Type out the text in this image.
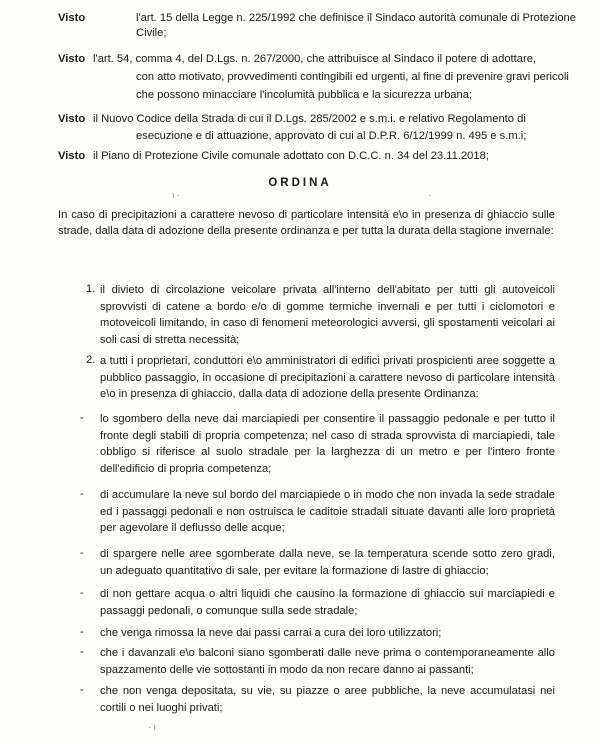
Visto	l'art. 15 della Legge n. 225/1992 che definisce il Sindaco autorità comunale di Protezione
Civile;
Visto l'art. 54, comma 4, del D.Lgs. n. 267/2000, che attribuisce al Sindaco il potere di adottare,
con atto motivato, provvedimenti contingibili ed urgenti, al fine di prevenire gravi pericoli
che possono minacciare l'incolumità pubblica e la sicurezza urbana;
Visto il Nuovo Codice della Strada di cui il D.Lgs. 285/2002 e s.m.i. e relativo Regolamento di
esecuzione e di attuazione, approvato di cui al D.P.R. 6/12/1999 n. 495 e s.m.i;
Visto il Piano di Protezione Civile comunale adottato con D.C.C. n. 34 del 23.11.2018;
ORDINA
ı ·	·
In caso di precipitazioni a carattere nevoso di particolare intensità e\o in presenza di ghiaccio sulle strade, dalla data di adozione della presente ordinanza e per tutta la durata della stagione invernale:
1. il divieto di circolazione veicolare privata all'interno dell'abitato per tutti gli autoveicoli sprovvisti di catene a bordo e/o di gomme termiche invernali e per tutti i ciclomotori e motoveicoli limitando, in caso di fenomeni meteorologici avversi, gli spostamenti veicolari ai soli casi di stretta necessità;
2. a tutti i proprietari, conduttori e\o amministratori di edifici privati prospicienti aree soggette a pubblico passaggio, in occasione di precipitazioni a carattere nevoso di particolare intensità e\o in presenza di ghiaccio, dalla data di adozione della presente Ordinanza:
- lo sgombero della neve dai marciapiedi per consentire il passaggio pedonale e per tutto il fronte degli stabili di propria competenza; nel caso di strada sprovvista di marciapiedi, tale obbligo si riferisce al suolo stradale per la larghezza di un metro e per l'intero fronte dell'edificio di propria competenza;
- di accumulare la neve sul bordo del marciapiede o in modo che non invada la sede stradale ed i passaggi pedonali e non ostruisca le caditoie stradali situate davanti alle loro proprietà per agevolare il deflusso delle acque;
- di spargere nelle aree sgomberate dalla neve, se la temperatura scende sotto zero gradi, un adeguato quantitativo di sale, per evitare la formazione di lastre di ghiaccio;
- di non gettare acqua o altri liquidi che causino la formazione di ghiaccio sui marciapiedi e passaggi pedonali, o comunque sulla sede stradale;
- che venga rimossa la neve dai passi carrai a cura dei loro utilizzatori;
- che i davanzali e\o balconi siano sgomberati dalle neve prima o contemporaneamente allo spazzamento delle vie sottostanti in modo da non recare danno ai passanti;
- che non venga depositata, su vie, su piazze o aree pubbliche, la neve accumulatasi nei cortili o nei luoghi privati;
· ı
